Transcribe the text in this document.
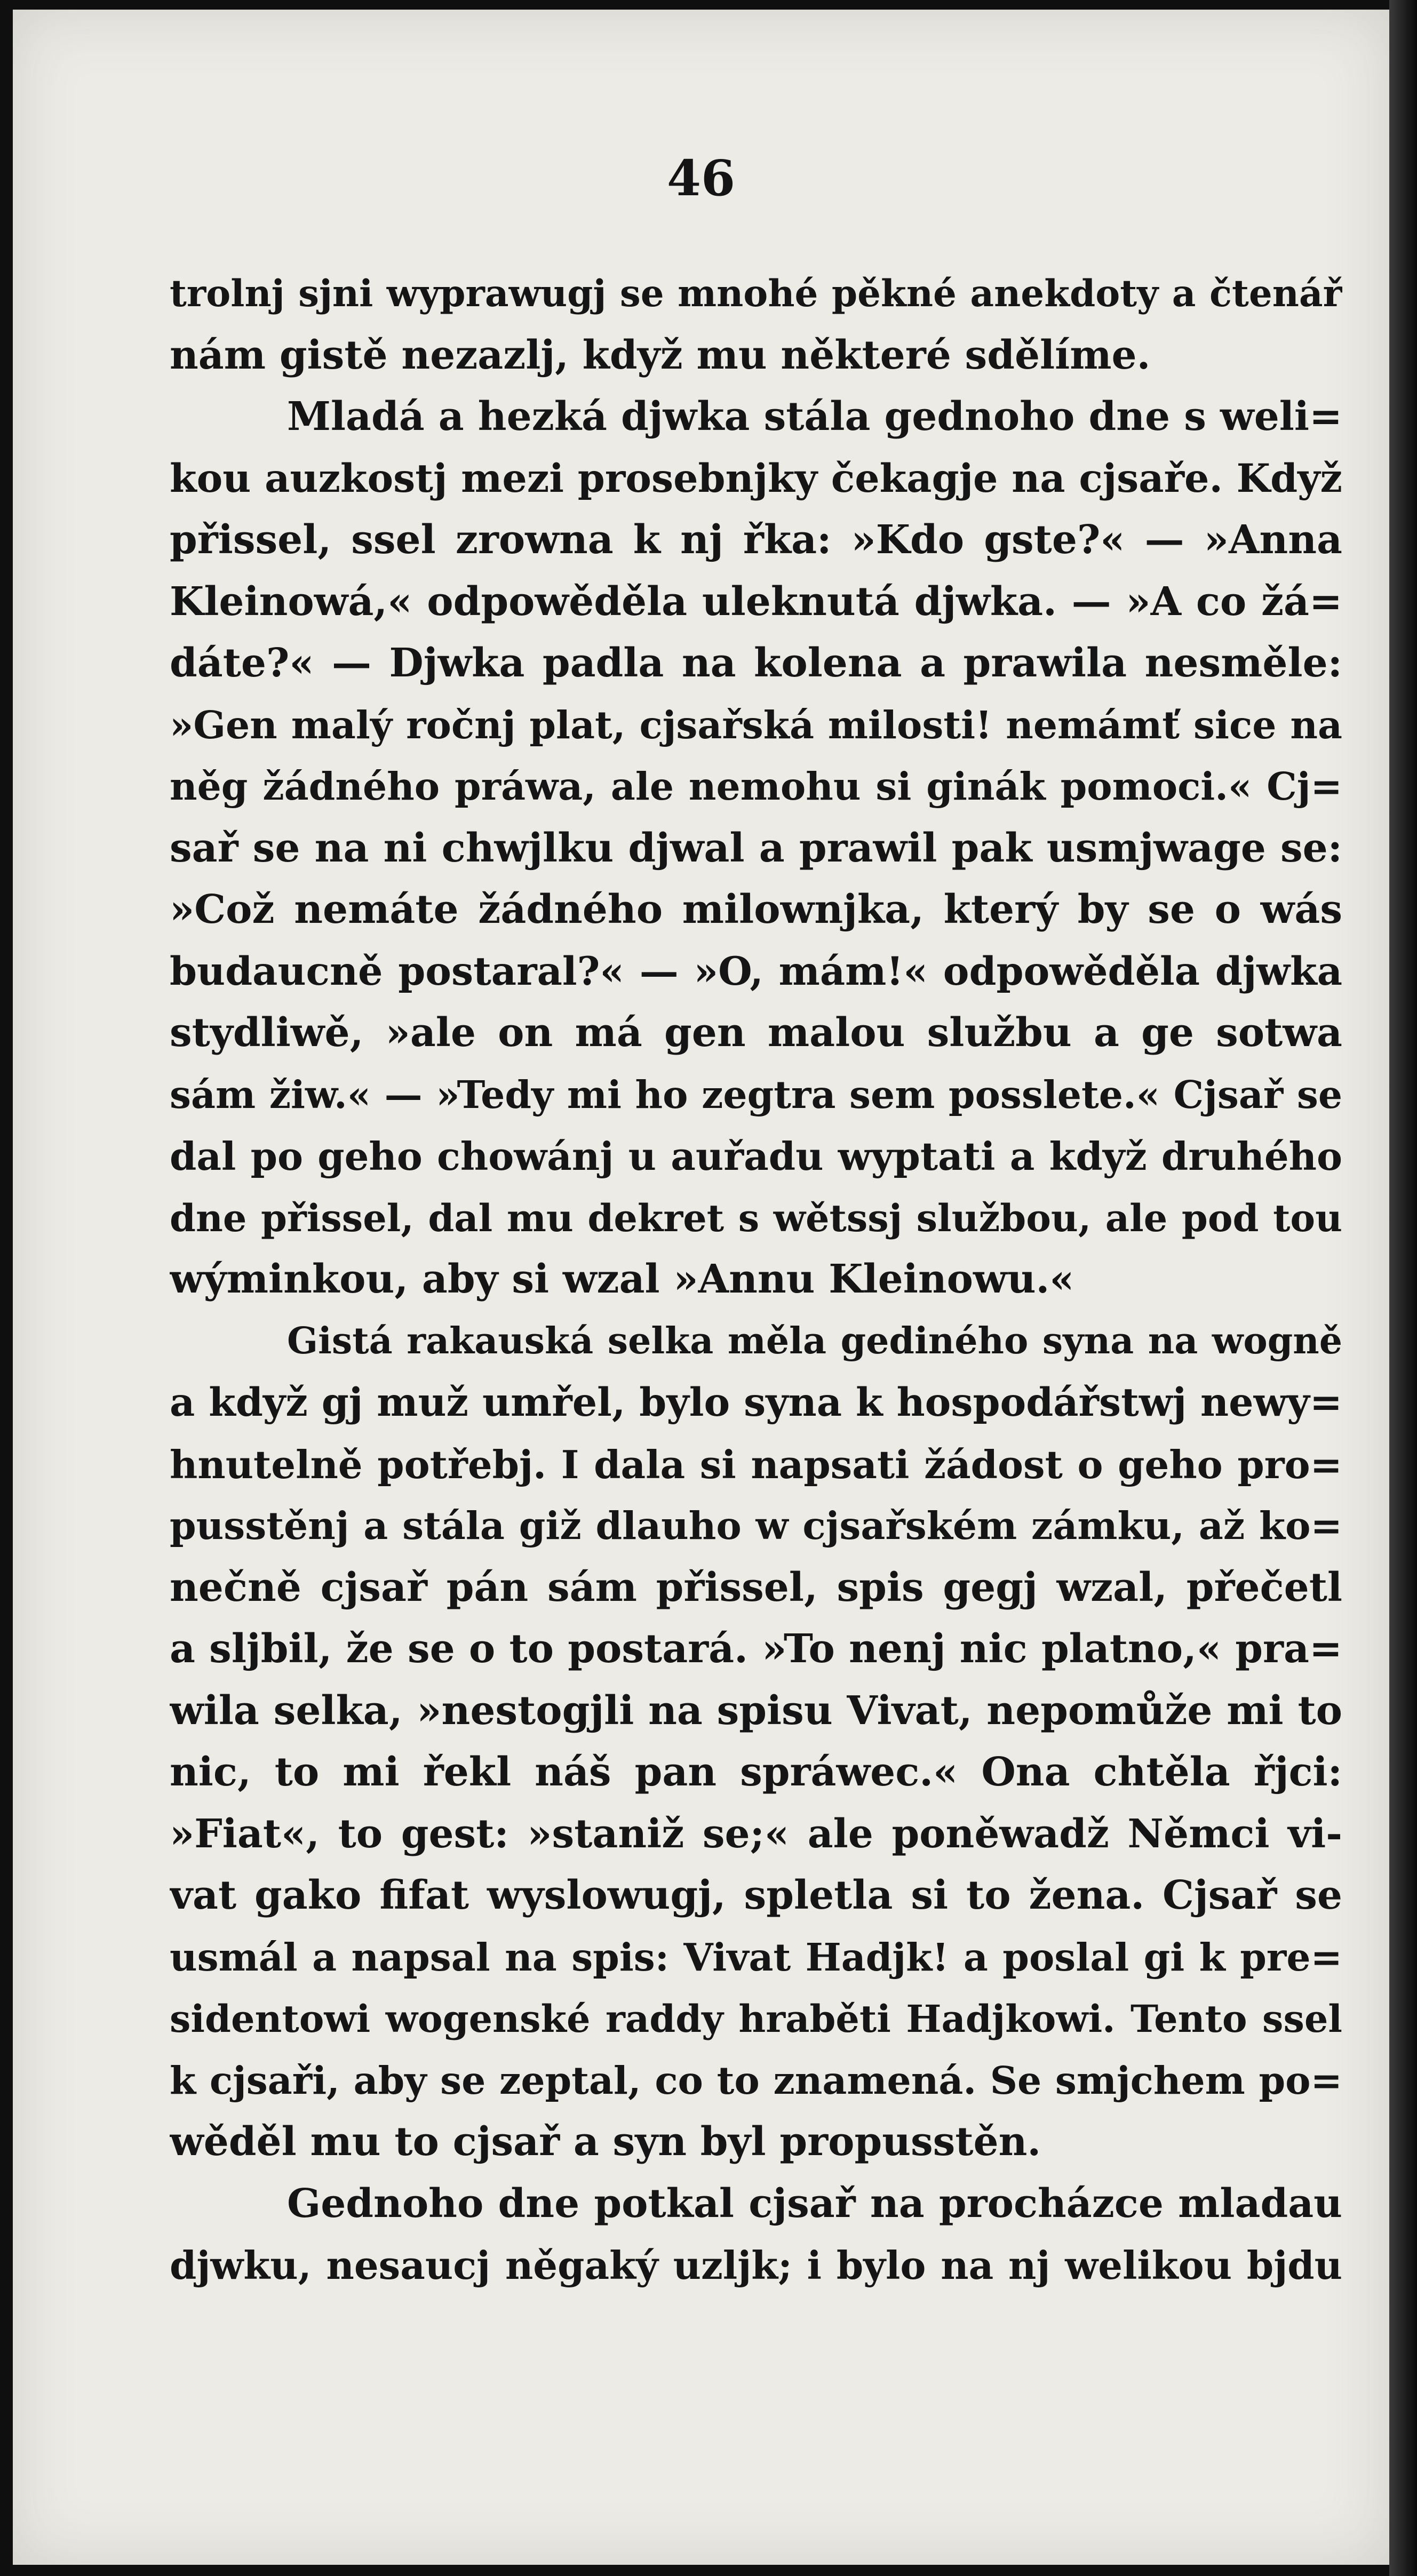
46
trolnj sjni wyprawugj se mnohé pěkné anekdoty a čtenář
nám gistě nezazlj, když mu některé sdělíme.
Mladá a hezká djwka stála gednoho dne s weli=
kou auzkostj mezi prosebnjky čekagje na cjsaře. Když
přissel, ssel zrowna k nj řka: »Kdo gste?« — »Anna
Kleinowá,« odpowěděla uleknutá djwka. — »A co žá=
dáte?« — Djwka padla na kolena a prawila nesměle:
»Gen malý ročnj plat, cjsařská milosti! nemámť sice na
něg žádného práwa, ale nemohu si ginák pomoci.« Cj=
sař se na ni chwjlku djwal a prawil pak usmjwage se:
»Což nemáte žádného milownjka, který by se o wás
budaucně postaral?« — »O, mám!« odpowěděla djwka
stydliwě, »ale on má gen malou službu a ge sotwa
sám žiw.« — »Tedy mi ho zegtra sem posslete.« Cjsař se
dal po geho chowánj u auřadu wyptati a když druhého
dne přissel, dal mu dekret s wětssj službou, ale pod tou
wýminkou, aby si wzal »Annu Kleinowu.«
Gistá rakauská selka měla gediného syna na wogně
a když gj muž umřel, bylo syna k hospodářstwj newy=
hnutelně potřebj. I dala si napsati žádost o geho pro=
pusstěnj a stála giž dlauho w cjsařském zámku, až ko=
nečně cjsař pán sám přissel, spis gegj wzal, přečetl
a sljbil, že se o to postará. »To nenj nic platno,« pra=
wila selka, »nestogjli na spisu Vivat, nepomůže mi to
nic, to mi řekl náš pan spráwec.« Ona chtěla řjci:
»Fiat«, to gest: »staniž se;« ale poněwadž Němci vi-
vat gako fifat wyslowugj, spletla si to žena. Cjsař se
usmál a napsal na spis: Vivat Hadjk! a poslal gi k pre=
sidentowi wogenské raddy hraběti Hadjkowi. Tento ssel
k cjsaři, aby se zeptal, co to znamená. Se smjchem po=
wěděl mu to cjsař a syn byl propusstěn.
Gednoho dne potkal cjsař na procházce mladau
djwku, nesaucj něgaký uzljk; i bylo na nj welikou bjdu
